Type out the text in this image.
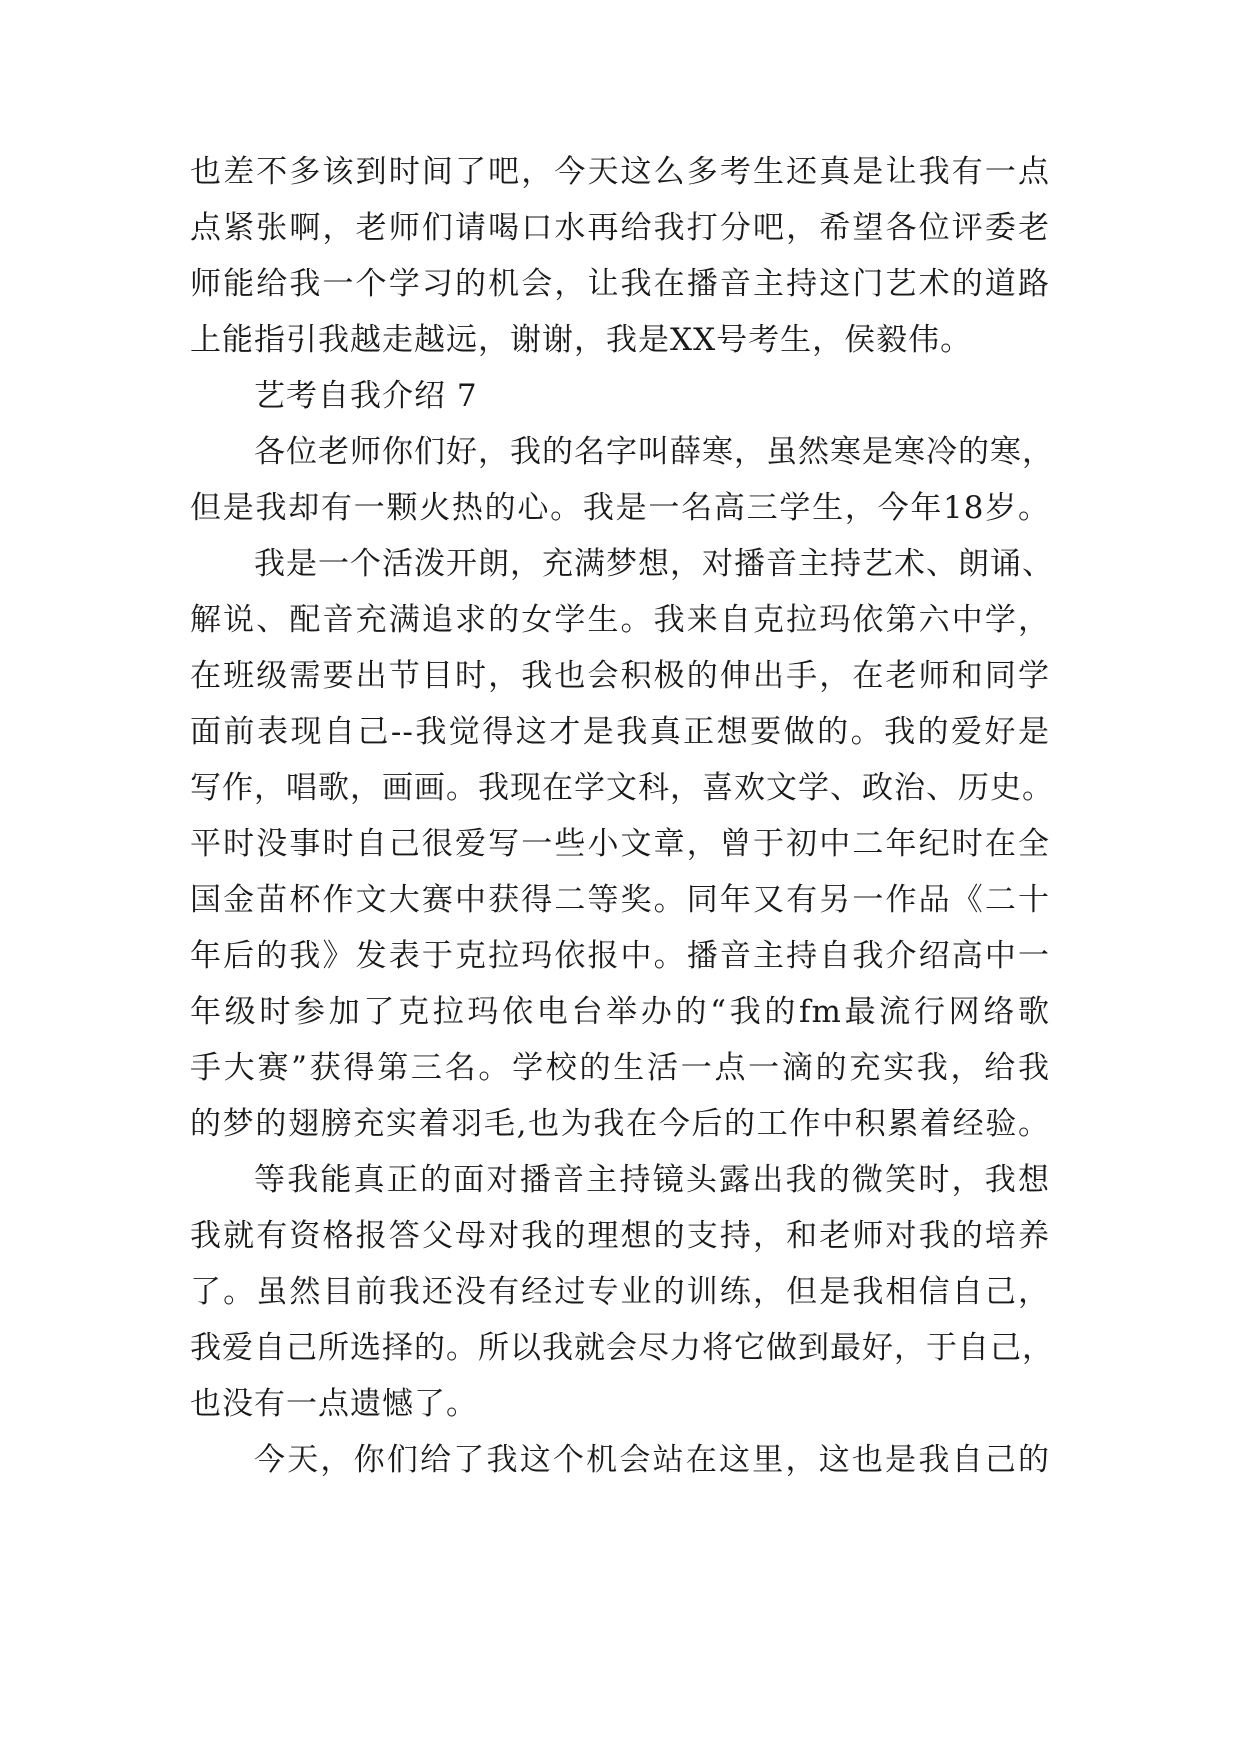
也差不多该到时间了吧，今天这么多考生还真是让我有一点
点紧张啊，老师们请喝口水再给我打分吧，希望各位评委老
师能给我一个学习的机会，让我在播音主持这门艺术的道路
上能指引我越走越远，谢谢，我是XX号考生，侯毅伟。
艺考自我介绍 7
各位老师你们好，我的名字叫薛寒，虽然寒是寒冷的寒，
但是我却有一颗火热的心。我是一名高三学生，今年18岁。
我是一个活泼开朗，充满梦想，对播音主持艺术、朗诵、
解说、配音充满追求的女学生。我来自克拉玛依第六中学，
在班级需要出节目时，我也会积极的伸出手，在老师和同学
面前表现自己--我觉得这才是我真正想要做的。我的爱好是
写作，唱歌，画画。我现在学文科，喜欢文学、政治、历史。
平时没事时自己很爱写一些小文章，曾于初中二年纪时在全
国金苗杯作文大赛中获得二等奖。同年又有另一作品《二十
年后的我》发表于克拉玛依报中。播音主持自我介绍高中一
年级时参加了克拉玛依电台举办的“我的fm最流行网络歌
手大赛”获得第三名。学校的生活一点一滴的充实我，给我
的梦的翅膀充实着羽毛,也为我在今后的工作中积累着经验。
等我能真正的面对播音主持镜头露出我的微笑时，我想
我就有资格报答父母对我的理想的支持，和老师对我的培养
了。虽然目前我还没有经过专业的训练，但是我相信自己，
我爱自己所选择的。所以我就会尽力将它做到最好，于自己，
也没有一点遗憾了。
今天，你们给了我这个机会站在这里，这也是我自己的
